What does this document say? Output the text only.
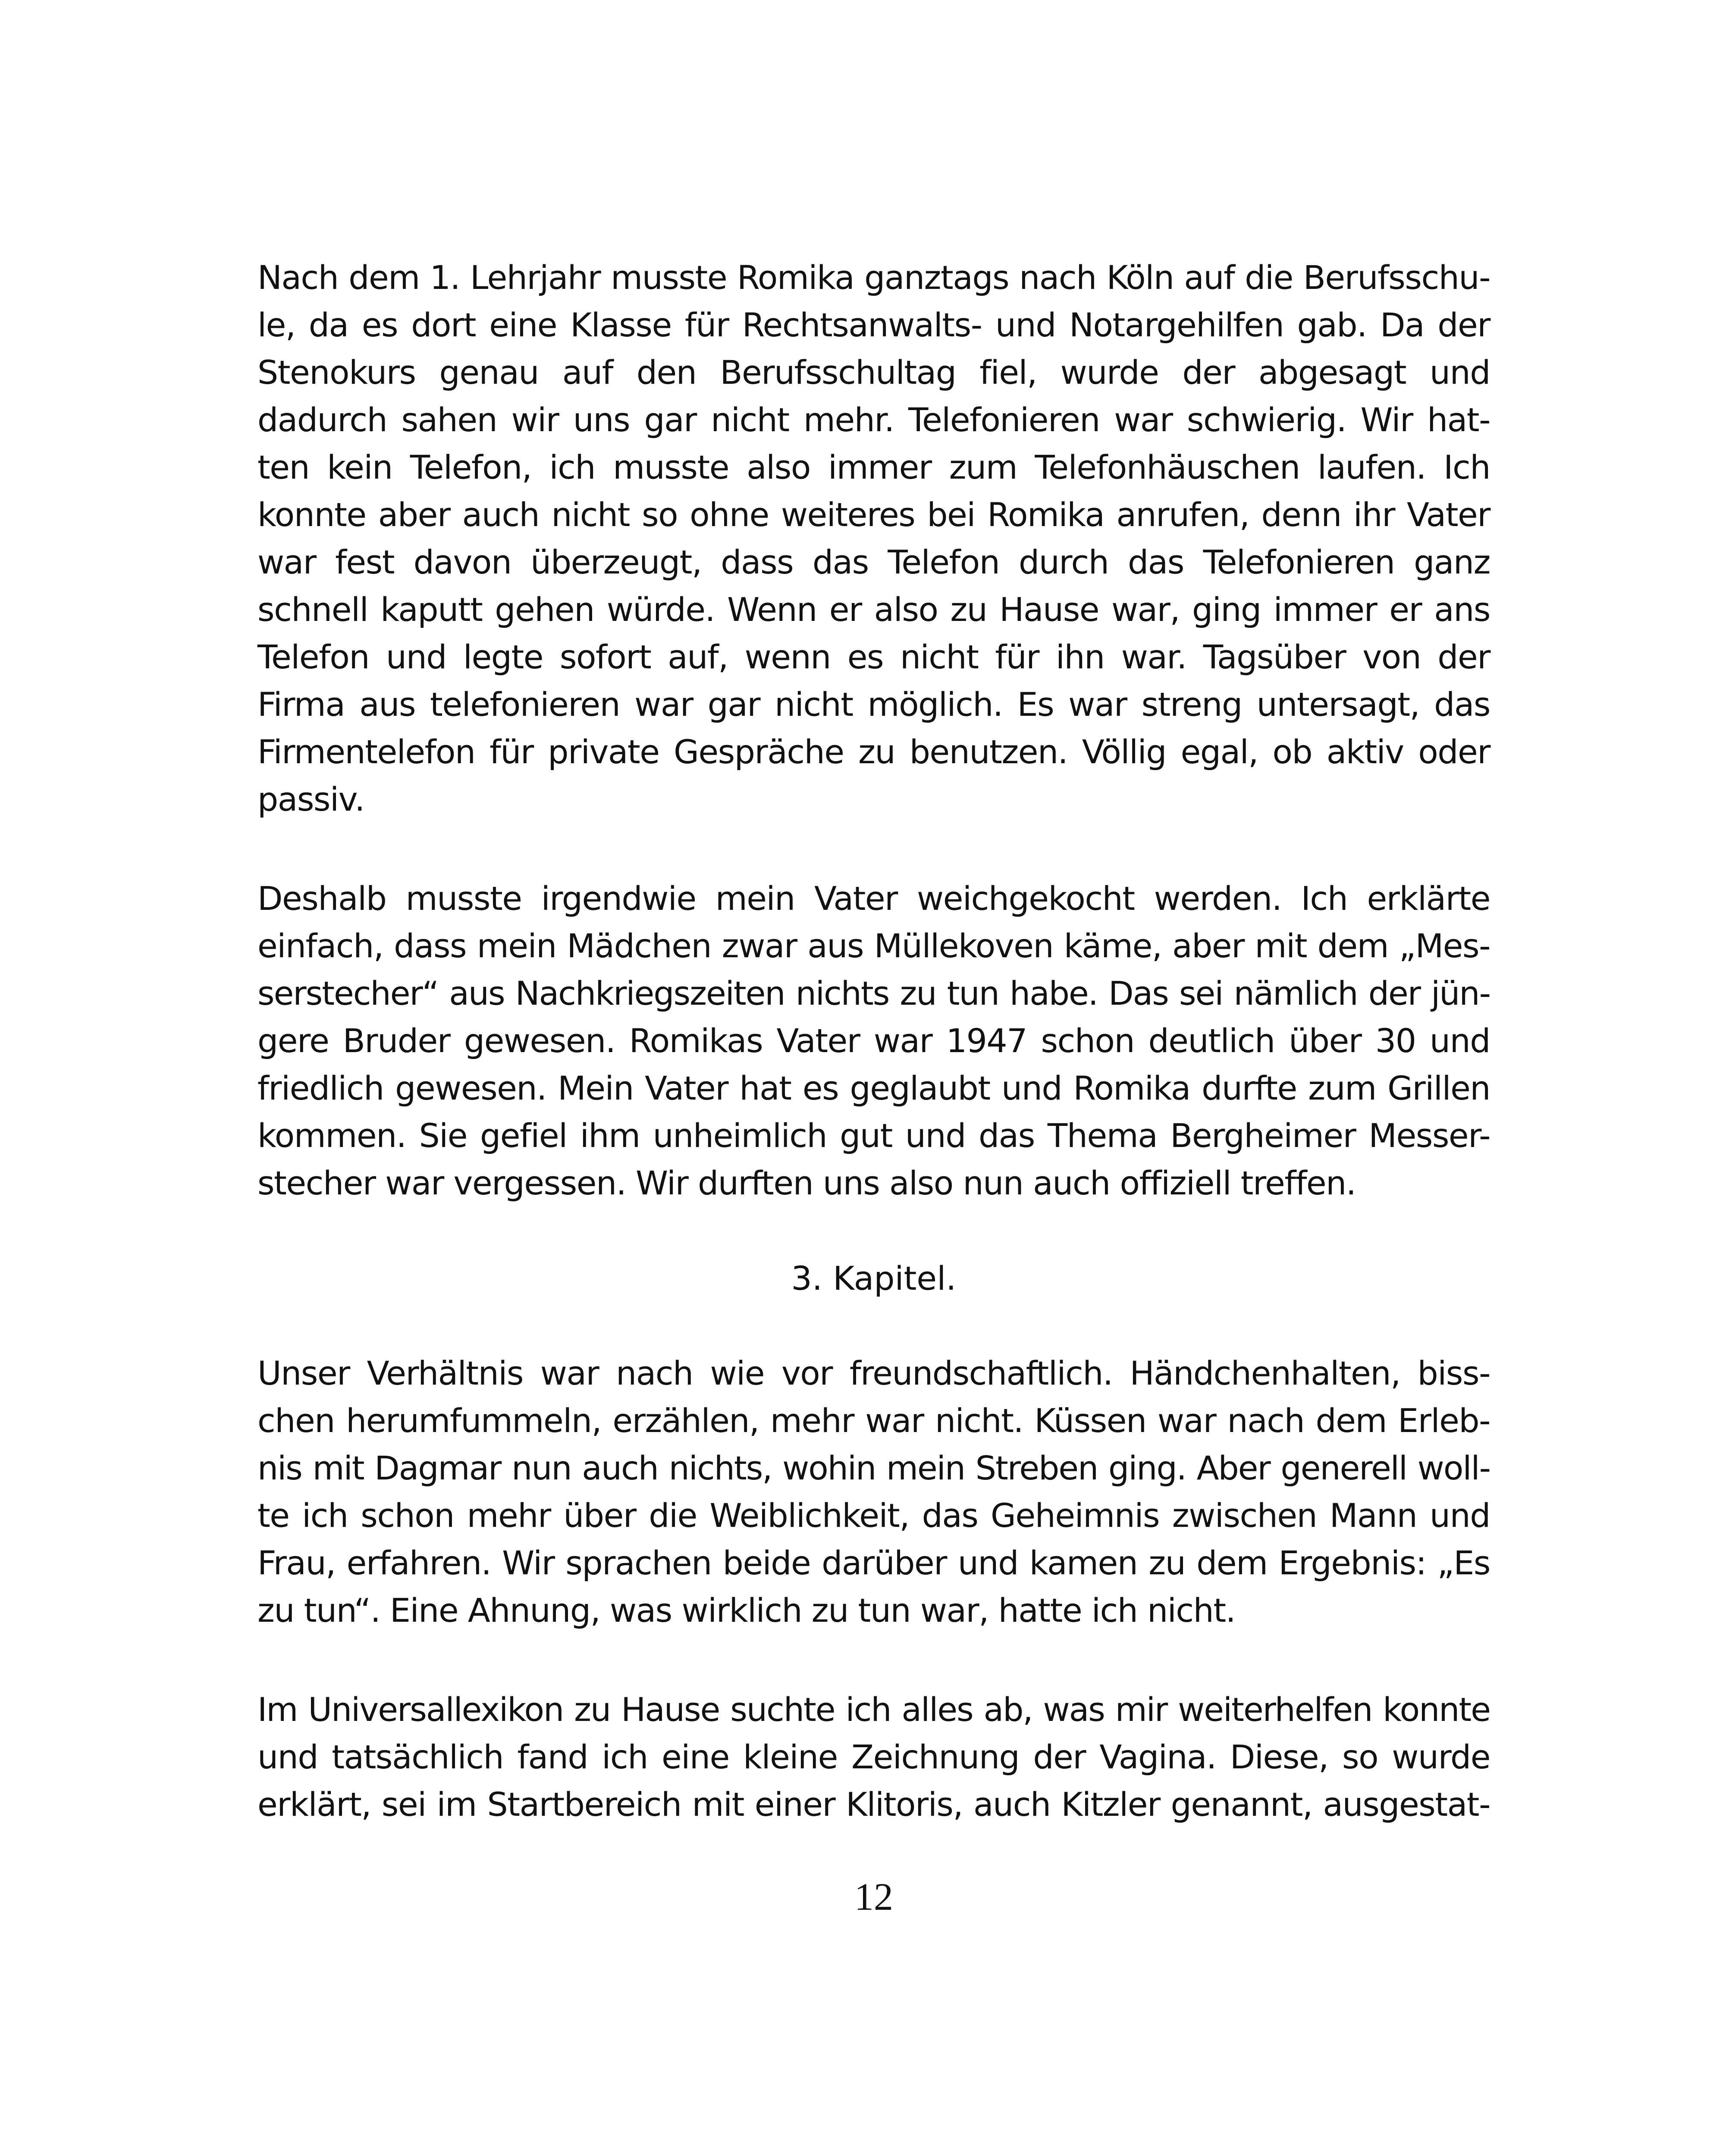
Nach dem 1. Lehrjahr musste Romika ganztags nach Köln auf die Berufsschu-
le, da es dort eine Klasse für Rechtsanwalts- und Notargehilfen gab. Da der
Stenokurs genau auf den Berufsschultag fiel, wurde der abgesagt und
dadurch sahen wir uns gar nicht mehr. Telefonieren war schwierig. Wir hat-
ten kein Telefon, ich musste also immer zum Telefonhäuschen laufen. Ich
konnte aber auch nicht so ohne weiteres bei Romika anrufen, denn ihr Vater
war fest davon überzeugt, dass das Telefon durch das Telefonieren ganz
schnell kaputt gehen würde. Wenn er also zu Hause war, ging immer er ans
Telefon und legte sofort auf, wenn es nicht für ihn war. Tagsüber von der
Firma aus telefonieren war gar nicht möglich. Es war streng untersagt, das
Firmentelefon für private Gespräche zu benutzen. Völlig egal, ob aktiv oder
passiv.
Deshalb musste irgendwie mein Vater weichgekocht werden. Ich erklärte
einfach, dass mein Mädchen zwar aus Müllekoven käme, aber mit dem „Mes-
serstecher“ aus Nachkriegszeiten nichts zu tun habe. Das sei nämlich der jün-
gere Bruder gewesen. Romikas Vater war 1947 schon deutlich über 30 und
friedlich gewesen. Mein Vater hat es geglaubt und Romika durfte zum Grillen
kommen. Sie gefiel ihm unheimlich gut und das Thema Bergheimer Messer-
stecher war vergessen. Wir durften uns also nun auch offiziell treffen.
3. Kapitel.
Unser Verhältnis war nach wie vor freundschaftlich. Händchenhalten, biss-
chen herumfummeln, erzählen, mehr war nicht. Küssen war nach dem Erleb-
nis mit Dagmar nun auch nichts, wohin mein Streben ging. Aber generell woll-
te ich schon mehr über die Weiblichkeit, das Geheimnis zwischen Mann und
Frau, erfahren. Wir sprachen beide darüber und kamen zu dem Ergebnis: „Es
zu tun“. Eine Ahnung, was wirklich zu tun war, hatte ich nicht.
Im Universallexikon zu Hause suchte ich alles ab, was mir weiterhelfen konnte
und tatsächlich fand ich eine kleine Zeichnung der Vagina. Diese, so wurde
erklärt, sei im Startbereich mit einer Klitoris, auch Kitzler genannt, ausgestat-
12
